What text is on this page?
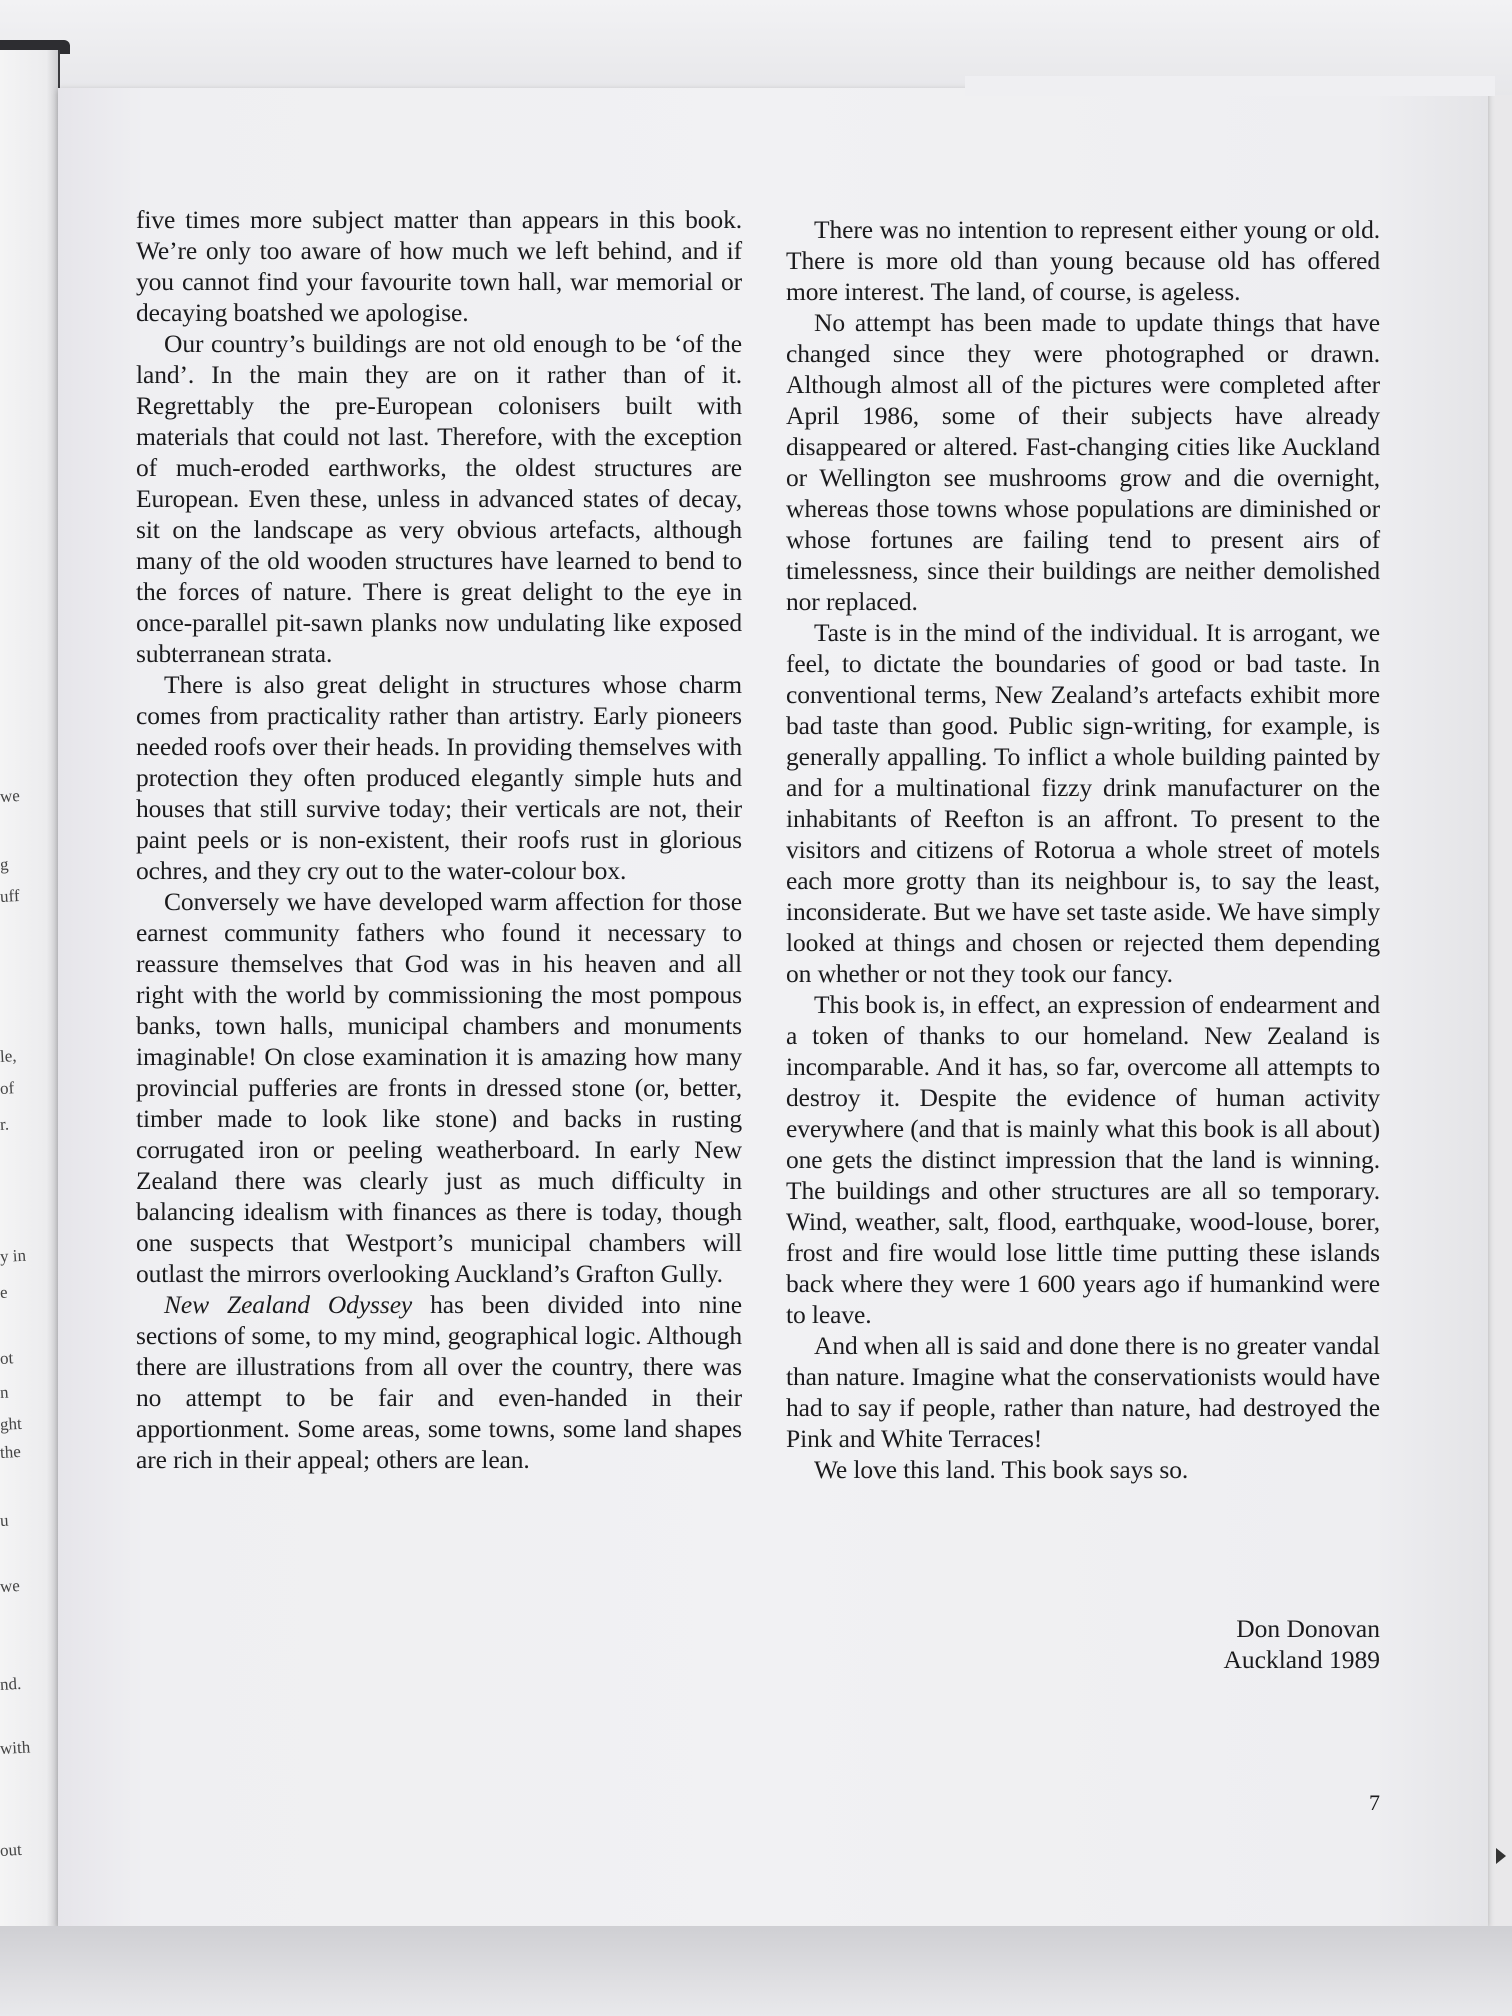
we
g
uff
le,
of
r.
y in
e
ot
n
ght
the
u
we
nd.
with
out

five times more subject matter than appears in this book. We’re only too aware of how much we left behind, and if you cannot find your favourite town hall, war memorial or decaying boatshed we apologise.

Our country’s buildings are not old enough to be ‘of the land’. In the main they are on it rather than of it. Regrettably the pre-European colonisers built with materials that could not last. Therefore, with the exception of much-eroded earthworks, the oldest structures are European. Even these, unless in advanced states of decay, sit on the landscape as very obvious artefacts, although many of the old wooden structures have learned to bend to the forces of nature. There is great delight to the eye in once-parallel pit-sawn planks now undulating like exposed subterranean strata.

There is also great delight in structures whose charm comes from practicality rather than artistry. Early pioneers needed roofs over their heads. In providing themselves with protection they often produced elegantly simple huts and houses that still survive today; their verticals are not, their paint peels or is non-existent, their roofs rust in glorious ochres, and they cry out to the water-colour box.

Conversely we have developed warm affection for those earnest community fathers who found it necessary to reassure themselves that God was in his heaven and all right with the world by commissioning the most pompous banks, town halls, municipal chambers and monuments imaginable! On close examination it is amazing how many provincial pufferies are fronts in dressed stone (or, better, timber made to look like stone) and backs in rusting corrugated iron or peeling weatherboard. In early New Zealand there was clearly just as much difficulty in balancing idealism with finances as there is today, though one suspects that Westport’s municipal chambers will outlast the mirrors overlooking Auckland’s Grafton Gully.

New Zealand Odyssey has been divided into nine sections of some, to my mind, geographical logic. Although there are illustrations from all over the country, there was no attempt to be fair and even-handed in their apportionment. Some areas, some towns, some land shapes are rich in their appeal; others are lean.

There was no intention to represent either young or old. There is more old than young because old has offered more interest. The land, of course, is ageless.

No attempt has been made to update things that have changed since they were photographed or drawn. Although almost all of the pictures were completed after April 1986, some of their subjects have already disappeared or altered. Fast-changing cities like Auckland or Wellington see mushrooms grow and die overnight, whereas those towns whose populations are diminished or whose fortunes are failing tend to present airs of timelessness, since their buildings are neither demolished nor replaced.

Taste is in the mind of the individual. It is arrogant, we feel, to dictate the boundaries of good or bad taste. In conventional terms, New Zealand’s artefacts exhibit more bad taste than good. Public sign-writing, for example, is generally appalling. To inflict a whole building painted by and for a multinational fizzy drink manufacturer on the inhabitants of Reefton is an affront. To present to the visitors and citizens of Rotorua a whole street of motels each more grotty than its neighbour is, to say the least, inconsiderate. But we have set taste aside. We have simply looked at things and chosen or rejected them depending on whether or not they took our fancy.

This book is, in effect, an expression of endearment and a token of thanks to our homeland. New Zealand is incomparable. And it has, so far, overcome all attempts to destroy it. Despite the evidence of human activity everywhere (and that is mainly what this book is all about) one gets the distinct impression that the land is winning. The buildings and other structures are all so temporary. Wind, weather, salt, flood, earthquake, wood-louse, borer, frost and fire would lose little time putting these islands back where they were 1 600 years ago if humankind were to leave.

And when all is said and done there is no greater vandal than nature. Imagine what the conservationists would have had to say if people, rather than nature, had destroyed the Pink and White Terraces!

We love this land. This book says so.

Don Donovan
Auckland 1989
7
